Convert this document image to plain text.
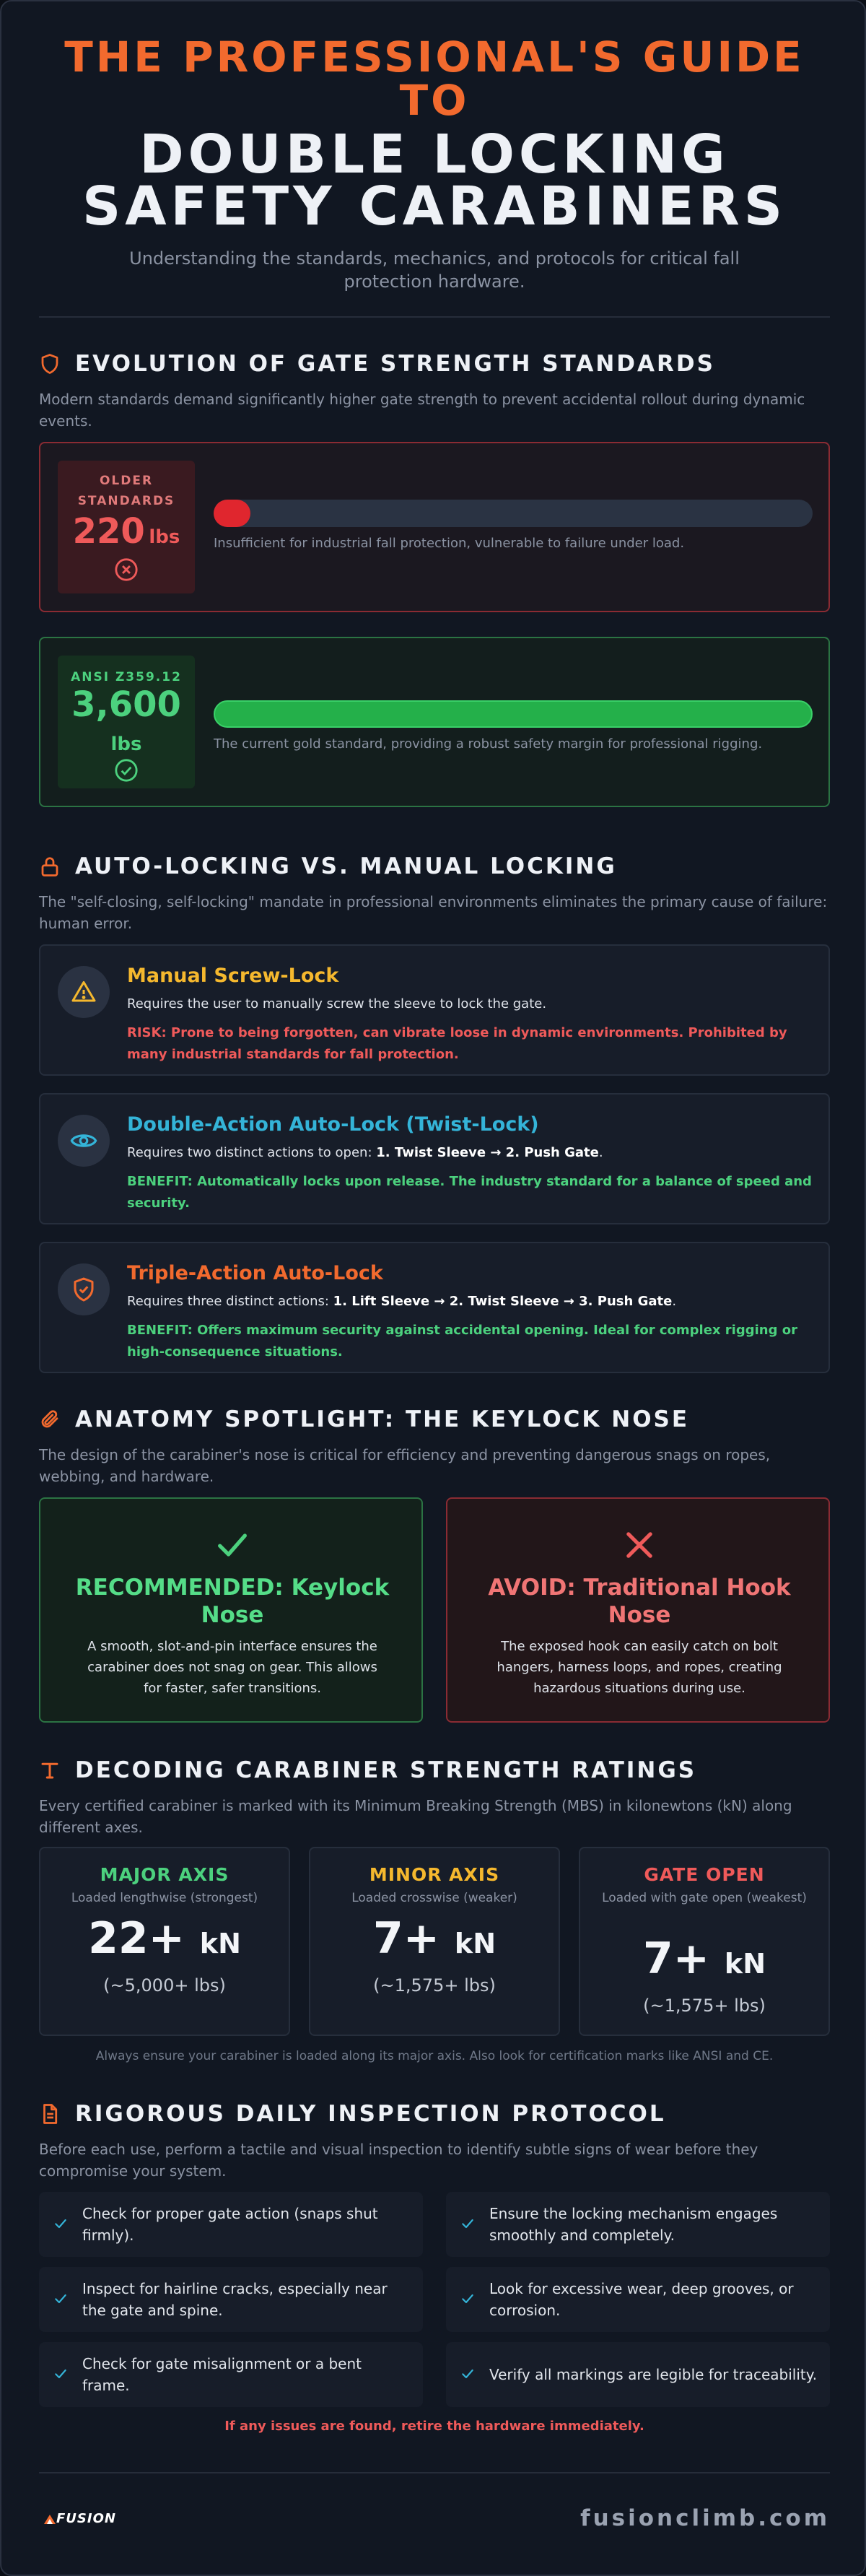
THE PROFESSIONAL'S GUIDE
TO
DOUBLE LOCKING
SAFETY CARABINERS
Understanding the standards, mechanics, and protocols for critical fall protection hardware.
EVOLUTION OF GATE STRENGTH STANDARDS
Modern standards demand significantly higher gate strength to prevent accidental rollout during dynamic events.
OLDER
STANDARDS
220 lbs	Insufficient for industrial fall protection, vulnerable to failure under load.
ANSI Z359.12
3,600
lbs	The current gold standard, providing a robust safety margin for professional rigging.
AUTO-LOCKING VS. MANUAL LOCKING
The "self-closing, self-locking" mandate in professional environments eliminates the primary cause of failure: human error.
Manual Screw-Lock
Requires the user to manually screw the sleeve to lock the gate.
RISK: Prone to being forgotten, can vibrate loose in dynamic environments. Prohibited by many industrial standards for fall protection.
Double-Action Auto-Lock (Twist-Lock)
Requires two distinct actions to open: 1. Twist Sleeve → 2. Push Gate.
BENEFIT: Automatically locks upon release. The industry standard for a balance of speed and security.
Triple-Action Auto-Lock
Requires three distinct actions: 1. Lift Sleeve → 2. Twist Sleeve → 3. Push Gate.
BENEFIT: Offers maximum security against accidental opening. Ideal for complex rigging or high-consequence situations.
ANATOMY SPOTLIGHT: THE KEYLOCK NOSE
The design of the carabiner's nose is critical for efficiency and preventing dangerous snags on ropes, webbing, and hardware.
RECOMMENDED: Keylock Nose
A smooth, slot-and-pin interface ensures the carabiner does not snag on gear. This allows for faster, safer transitions.
AVOID: Traditional Hook Nose
The exposed hook can easily catch on bolt hangers, harness loops, and ropes, creating hazardous situations during use.
DECODING CARABINER STRENGTH RATINGS
Every certified carabiner is marked with its Minimum Breaking Strength (MBS) in kilonewtons (kN) along different axes.
MAJOR AXIS
Loaded lengthwise (strongest)
22+ kN
(~5,000+ lbs)
MINOR AXIS
Loaded crosswise (weaker)
7+ kN
(~1,575+ lbs)
GATE OPEN
Loaded with gate open (weakest)
7+ kN
(~1,575+ lbs)
Always ensure your carabiner is loaded along its major axis. Also look for certification marks like ANSI and CE.
RIGOROUS DAILY INSPECTION PROTOCOL
Before each use, perform a tactile and visual inspection to identify subtle signs of wear before they compromise your system.
Check for proper gate action (snaps shut firmly).
Ensure the locking mechanism engages smoothly and completely.
Inspect for hairline cracks, especially near the gate and spine.
Look for excessive wear, deep grooves, or corrosion.
Check for gate misalignment or a bent frame.
Verify all markings are legible for traceability.
If any issues are found, retire the hardware immediately.
FUSION	fusionclimb.com
